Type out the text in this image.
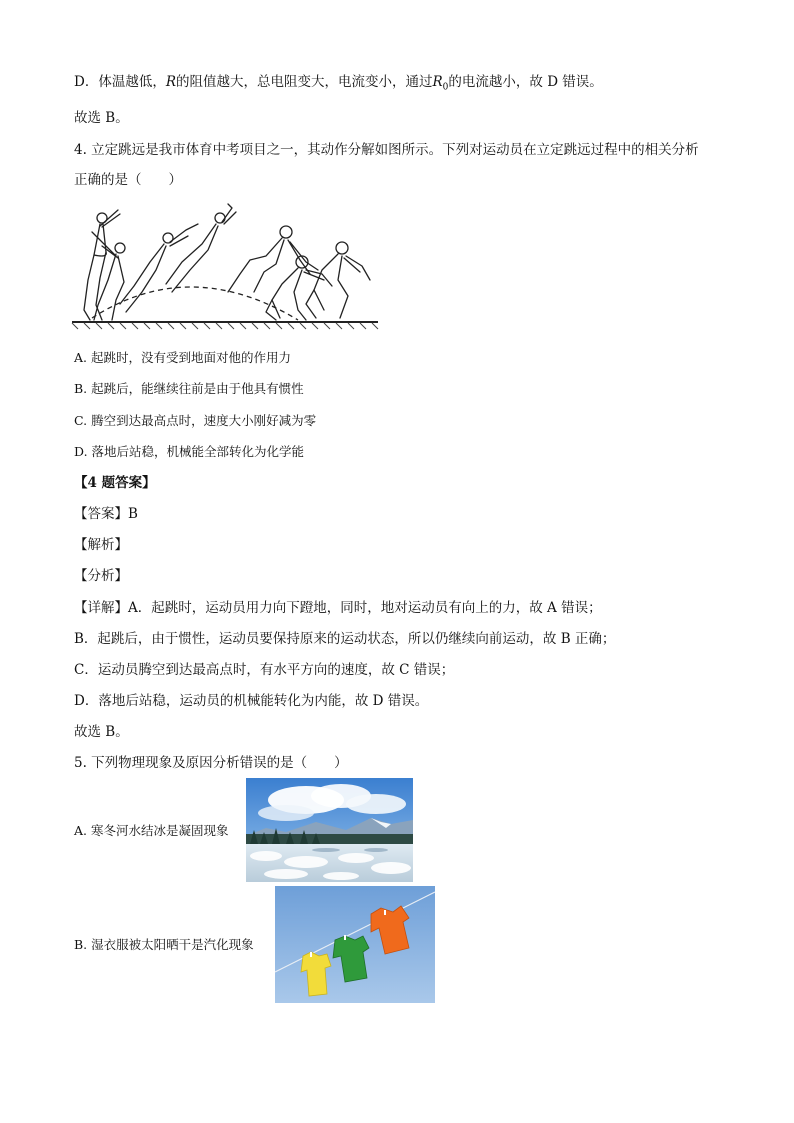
D．体温越低，R的阻值越大，总电阻变大，电流变小，通过$R_0$的电流越小，故 D 错误。
故选 B。
4. 立定跳远是我市体育中考项目之一，其动作分解如图所示。下列对运动员在立定跳远过程中的相关分析
正确的是（　　）
A. 起跳时，没有受到地面对他的作用力
B. 起跳后，能继续往前是由于他具有惯性
C. 腾空到达最高点时，速度大小刚好减为零
D. 落地后站稳，机械能全部转化为化学能
【4 题答案】
【答案】B
【解析】
【分析】
【详解】A．起跳时，运动员用力向下蹬地，同时，地对运动员有向上的力，故 A 错误；
B．起跳后，由于惯性，运动员要保持原来的运动状态，所以仍继续向前运动，故 B 正确；
C．运动员腾空到达最高点时，有水平方向的速度，故 C 错误；
D．落地后站稳，运动员的机械能转化为内能，故 D 错误。
故选 B。
5. 下列物理现象及原因分析错误的是（　　）
A. 寒冬河水结冰是凝固现象
B. 湿衣服被太阳晒干是汽化现象
